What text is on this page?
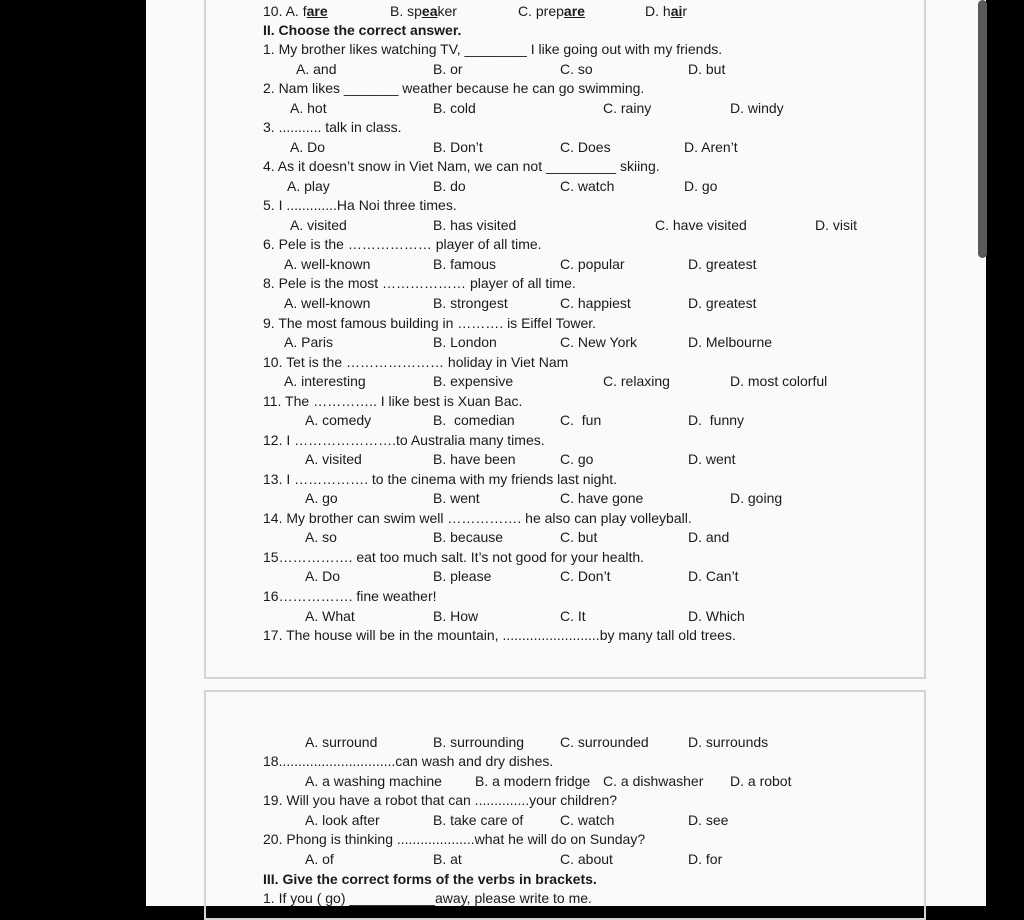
10. A. fare	B. speaker	C. prepare	D. hair
II. Choose the correct answer.
1. My brother likes watching TV, ________ I like going out with my friends.
A. and	B. or	C. so	D. but
2. Nam likes _______ weather because he can go swimming.
A. hot	B. cold	C. rainy	D. windy
3. ........... talk in class.
A. Do	B. Don’t	C. Does	D. Aren’t
4. As it doesn’t snow in Viet Nam, we can not _________ skiing.
A. play	B. do	C. watch	D. go
5. I .............Ha Noi three times.
A. visited	B. has visited	C. have visited	D. visit
6. Pele is the ……………… player of all time.
A. well-known	B. famous	C. popular	D. greatest
8. Pele is the most ……………… player of all time.
A. well-known	B. strongest	C. happiest	D. greatest
9. The most famous building in ………. is Eiffel Tower.
A. Paris	B. London	C. New York	D. Melbourne
10. Tet is the ………………… holiday in Viet Nam
A. interesting	B. expensive	C. relaxing	D. most colorful
11. The ………….. I like best is Xuan Bac.
A. comedy	B.  comedian	C.  fun	D.  funny
12. I ………………….to Australia many times.
A. visited	B. have been	C. go	D. went
13. I ……………. to the cinema with my friends last night.
A. go	B. went	C. have gone	D. going
14. My brother can swim well ……………. he also can play volleyball.
A. so	B. because	C. but	D. and
15……………. eat too much salt. It’s not good for your health.
A. Do	B. please	C. Don’t	D. Can’t
16……………. fine weather!
A. What	B. How	C. It	D. Which
17. The house will be in the mountain, .........................by many tall old trees.
A. surround	B. surrounding	C. surrounded	D. surrounds
18..............................can wash and dry dishes.
A. a washing machine B. a modern fridge C. a dishwasher D. a robot
19. Will you have a robot that can ..............your children?
A. look after	B. take care of	C. watch	D. see
20. Phong is thinking ....................what he will do on Sunday?
A. of	B. at	C. about	D. for
III. Give the correct forms of the verbs in brackets.
1. If you ( go) ___________away, please write to me.
